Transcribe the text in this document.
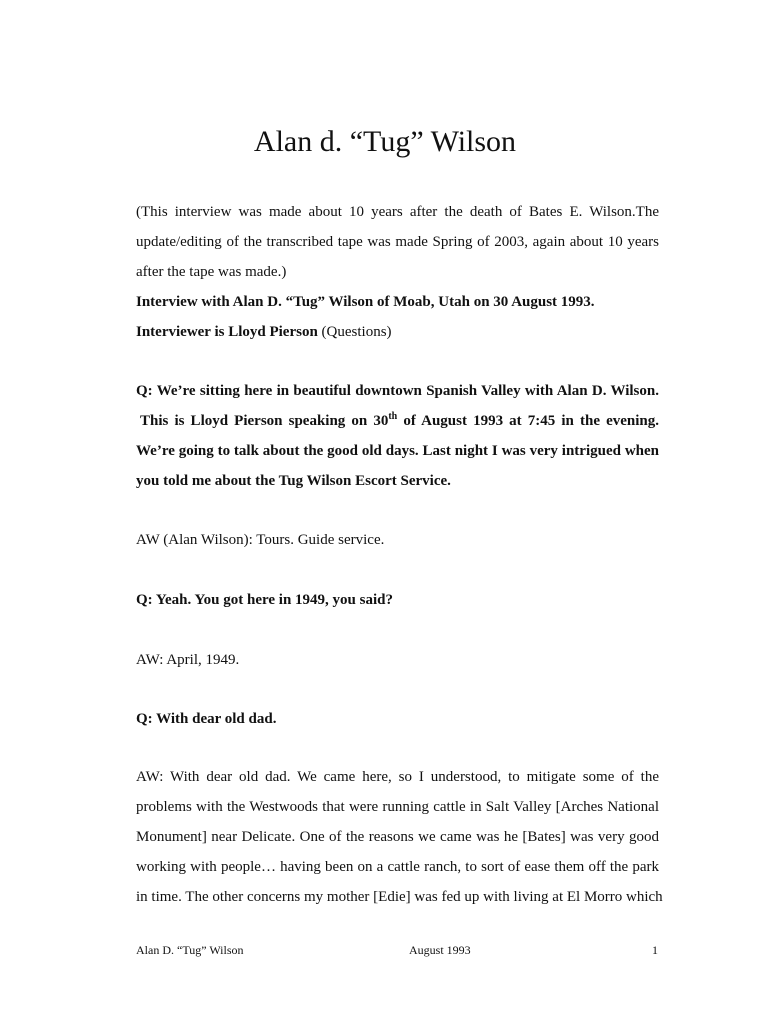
Alan d. “Tug” Wilson
(This interview was made about 10 years after the death of Bates E. Wilson.The
update/editing of the transcribed tape was made Spring of 2003, again about 10 years
after the tape was made.)
Interview with Alan D. “Tug” Wilson of Moab, Utah on 30 August 1993.
Interviewer is Lloyd Pierson (Questions)
Q: We’re sitting here in beautiful downtown Spanish Valley with Alan D. Wilson.
This is Lloyd Pierson speaking on 30th of August 1993 at 7:45 in the evening.
We’re going to talk about the good old days. Last night I was very intrigued when
you told me about the Tug Wilson Escort Service.
AW (Alan Wilson): Tours. Guide service.
Q: Yeah. You got here in 1949, you said?
AW: April, 1949.
Q: With dear old dad.
AW: With dear old dad. We came here, so I understood, to mitigate some of the
problems with the Westwoods that were running cattle in Salt Valley [Arches National
Monument] near Delicate. One of the reasons we came was he [Bates] was very good
working with people… having been on a cattle ranch, to sort of ease them off the park
in time. The other concerns my mother [Edie] was fed up with living at El Morro which
Alan D. “Tug” Wilson	August 1993	1
